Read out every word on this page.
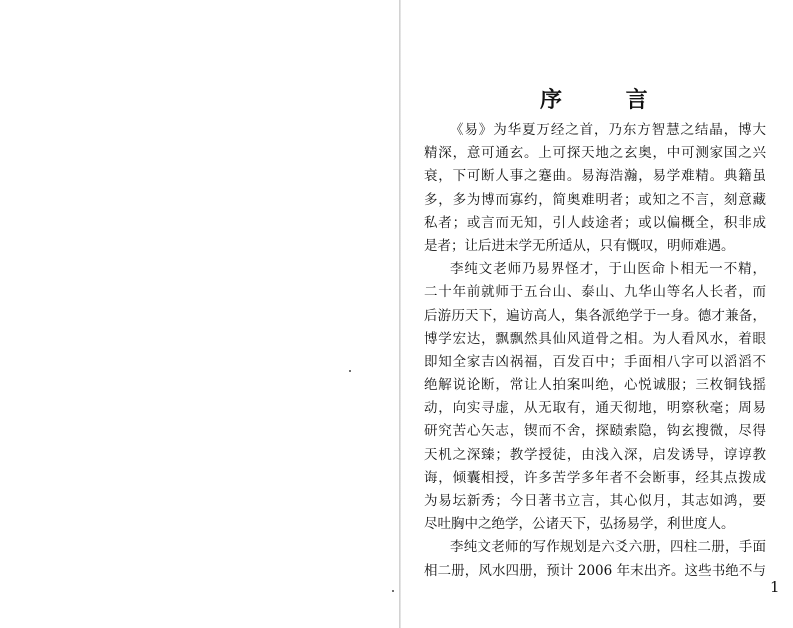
序 言
《易》为华夏万经之首，乃东方智慧之结晶，博大
精深，意可通玄。上可探天地之玄奥，中可测家国之兴
衰，下可断人事之蹇曲。易海浩瀚，易学难精。典籍虽
多，多为博而寡约，简奥难明者；或知之不言，刻意藏
私者；或言而无知，引人歧途者；或以偏概全，积非成
是者；让后进末学无所适从，只有慨叹，明师难遇。
李纯文老师乃易界怪才，于山医命卜相无一不精，
二十年前就师于五台山、泰山、九华山等名人长者，而
后游历天下，遍访高人，集各派绝学于一身。德才兼备，
博学宏达，飘飘然具仙风道骨之相。为人看风水，着眼
即知全家吉凶祸福，百发百中；手面相八字可以滔滔不
绝解说论断，常让人拍案叫绝，心悦诚服；三枚铜钱摇
动，向实寻虚，从无取有，通天彻地，明察秋毫；周易
研究苦心矢志，锲而不舍，探赜索隐，钩玄搜微，尽得
天机之深臻；教学授徒，由浅入深，启发诱导，谆谆教
诲，倾囊相授，许多苦学多年者不会断事，经其点拨成
为易坛新秀；今日著书立言，其心似月，其志如鸿，要
尽吐胸中之绝学，公诸天下，弘扬易学，利世度人。
李纯文老师的写作规划是六爻六册，四柱二册，手面
相二册，风水四册，预计 2006 年末出齐。这些书绝不与
1
